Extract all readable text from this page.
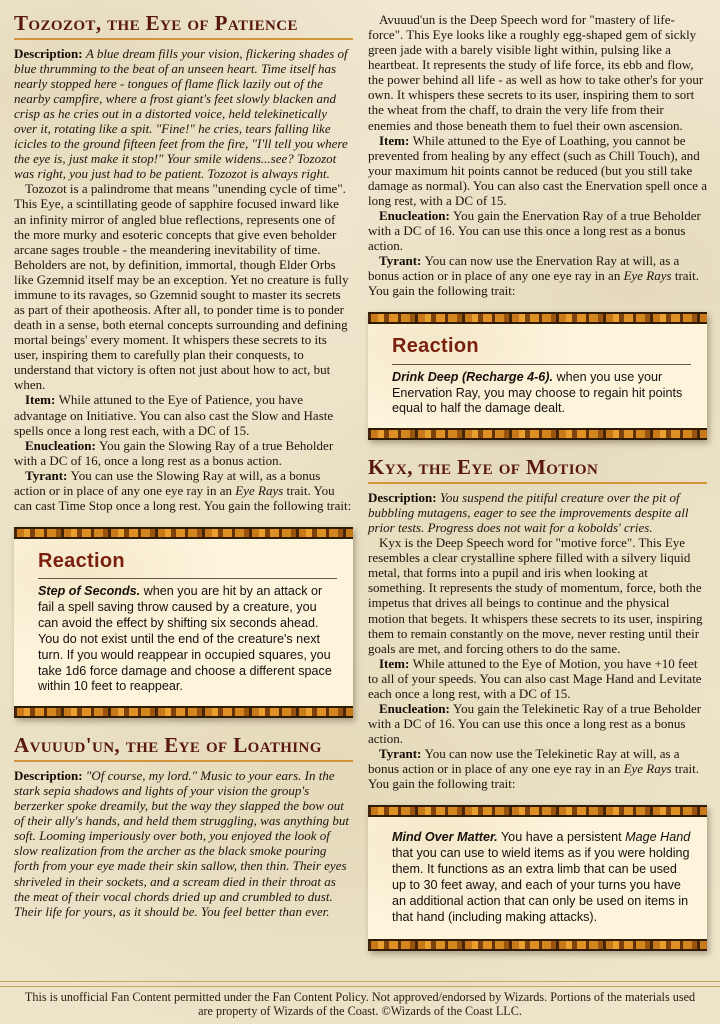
Tozozot, the Eye of Patience

Description: A blue dream fills your vision, flickering shades of blue thrumming to the beat of an unseen heart. Time itself has nearly stopped here - tongues of flame flick lazily out of the nearby campfire, where a frost giant's feet slowly blacken and crisp as he cries out in a distorted voice, held telekinetically over it, rotating like a spit. "Fine!" he cries, tears falling like icicles to the ground fifteen feet from the fire, "I'll tell you where the eye is, just make it stop!" Your smile widens...see? Tozozot was right, you just had to be patient. Tozozot is always right.

Tozozot is a palindrome that means "unending cycle of time". This Eye, a scintillating geode of sapphire focused inward like an infinity mirror of angled blue reflections, represents one of the more murky and esoteric concepts that give even beholder arcane sages trouble - the meandering inevitability of time. Beholders are not, by definition, immortal, though Elder Orbs like Gzemnid itself may be an exception. Yet no creature is fully immune to its ravages, so Gzemnid sought to master its secrets as part of their apotheosis. After all, to ponder time is to ponder death in a sense, both eternal concepts surrounding and defining mortal beings' every moment. It whispers these secrets to its user, inspiring them to carefully plan their conquests, to understand that victory is often not just about how to act, but when.

Item: While attuned to the Eye of Patience, you have advantage on Initiative. You can also cast the Slow and Haste spells once a long rest each, with a DC of 15.

Enucleation: You gain the Slowing Ray of a true Beholder with a DC of 16, once a long rest as a bonus action.

Tyrant: You can use the Slowing Ray at will, as a bonus action or in place of any one eye ray in an Eye Rays trait. You can cast Time Stop once a long rest. You gain the following trait:

Reaction
Step of Seconds. when you are hit by an attack or fail a spell saving throw caused by a creature, you can avoid the effect by shifting six seconds ahead. You do not exist until the end of the creature's next turn. If you would reappear in occupied squares, you take 1d6 force damage and choose a different space within 10 feet to reappear.
Avuuud'un, the Eye of Loathing

Description: "Of course, my lord." Music to your ears. In the stark sepia shadows and lights of your vision the group's berzerker spoke dreamily, but the way they slapped the bow out of their ally's hands, and held them struggling, was anything but soft. Looming imperiously over both, you enjoyed the look of slow realization from the archer as the black smoke pouring forth from your eye made their skin sallow, then thin. Their eyes shriveled in their sockets, and a scream died in their throat as the meat of their vocal chords dried up and crumbled to dust. Their life for yours, as it should be. You feel better than ever.

Avuuud'un is the Deep Speech word for "mastery of life-force". This Eye looks like a roughly egg-shaped gem of sickly green jade with a barely visible light within, pulsing like a heartbeat. It represents the study of life force, its ebb and flow, the power behind all life - as well as how to take other's for your own. It whispers these secrets to its user, inspiring them to sort the wheat from the chaff, to drain the very life from their enemies and those beneath them to fuel their own ascension.

Item: While attuned to the Eye of Loathing, you cannot be prevented from healing by any effect (such as Chill Touch), and your maximum hit points cannot be reduced (but you still take damage as normal). You can also cast the Enervation spell once a long rest, with a DC of 15.

Enucleation: You gain the Enervation Ray of a true Beholder with a DC of 16. You can use this once a long rest as a bonus action.

Tyrant: You can now use the Enervation Ray at will, as a bonus action or in place of any one eye ray in an Eye Rays trait. You gain the following trait:

Reaction
Drink Deep (Recharge 4-6). when you use your Enervation Ray, you may choose to regain hit points equal to half the damage dealt.
Kyx, the Eye of Motion

Description: You suspend the pitiful creature over the pit of bubbling mutagens, eager to see the improvements despite all prior tests. Progress does not wait for a kobolds' cries.

Kyx is the Deep Speech word for "motive force". This Eye resembles a clear crystalline sphere filled with a silvery liquid metal, that forms into a pupil and iris when looking at something. It represents the study of momentum, force, both the impetus that drives all beings to continue and the physical motion that begets. It whispers these secrets to its user, inspiring them to remain constantly on the move, never resting until their goals are met, and forcing others to do the same.

Item: While attuned to the Eye of Motion, you have +10 feet to all of your speeds. You can also cast Mage Hand and Levitate each once a long rest, with a DC of 15.

Enucleation: You gain the Telekinetic Ray of a true Beholder with a DC of 16. You can use this once a long rest as a bonus action.

Tyrant: You can now use the Telekinetic Ray at will, as a bonus action or in place of any one eye ray in an Eye Rays trait. You gain the following trait:

Mind Over Matter. You have a persistent Mage Hand that you can use to wield items as if you were holding them. It functions as an extra limb that can be used up to 30 feet away, and each of your turns you have an additional action that can only be used on items in that hand (including making attacks).
This is unofficial Fan Content permitted under the Fan Content Policy. Not approved/endorsed by Wizards. Portions of the materials used
are property of Wizards of the Coast. ©Wizards of the Coast LLC.
